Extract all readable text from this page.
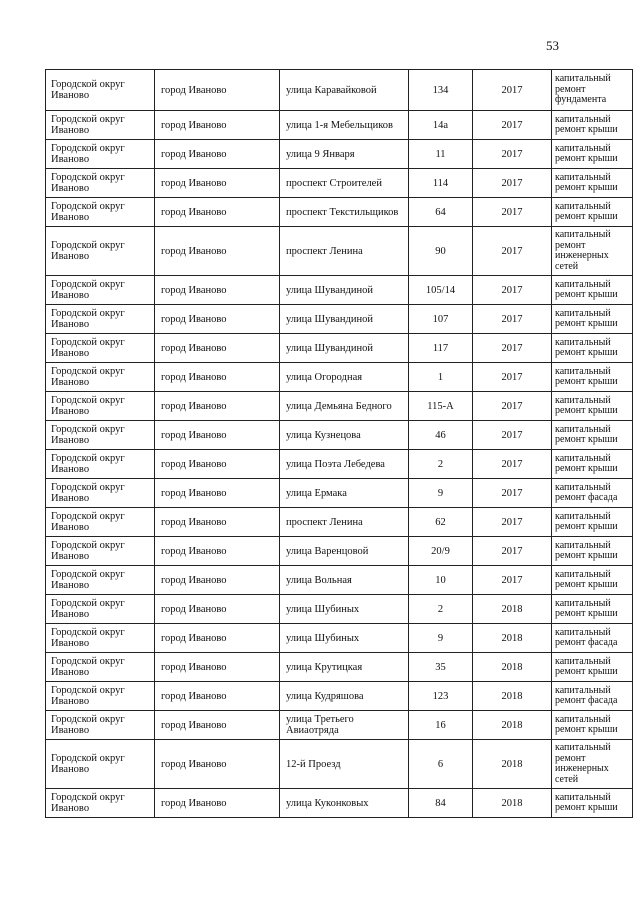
53
Городской округ Иваново	город Иваново	улица Каравайковой	134	2017	капитальный ремонт фундамента
Городской округ Иваново	город Иваново	улица 1-я Мебельщиков	14а	2017	капитальный ремонт крыши
Городской округ Иваново	город Иваново	улица 9 Января	11	2017	капитальный ремонт крыши
Городской округ Иваново	город Иваново	проспект Строителей	114	2017	капитальный ремонт крыши
Городской округ Иваново	город Иваново	проспект Текстильщиков	64	2017	капитальный ремонт крыши
Городской округ Иваново	город Иваново	проспект Ленина	90	2017	капитальный ремонт инженерных сетей
Городской округ Иваново	город Иваново	улица Шувандиной	105/14	2017	капитальный ремонт крыши
Городской округ Иваново	город Иваново	улица Шувандиной	107	2017	капитальный ремонт крыши
Городской округ Иваново	город Иваново	улица Шувандиной	117	2017	капитальный ремонт крыши
Городской округ Иваново	город Иваново	улица Огородная	1	2017	капитальный ремонт крыши
Городской округ Иваново	город Иваново	улица Демьяна Бедного	115-А	2017	капитальный ремонт крыши
Городской округ Иваново	город Иваново	улица Кузнецова	46	2017	капитальный ремонт крыши
Городской округ Иваново	город Иваново	улица Поэта Лебедева	2	2017	капитальный ремонт крыши
Городской округ Иваново	город Иваново	улица Ермака	9	2017	капитальный ремонт фасада
Городской округ Иваново	город Иваново	проспект Ленина	62	2017	капитальный ремонт крыши
Городской округ Иваново	город Иваново	улица Варенцовой	20/9	2017	капитальный ремонт крыши
Городской округ Иваново	город Иваново	улица Вольная	10	2017	капитальный ремонт крыши
Городской округ Иваново	город Иваново	улица Шубиных	2	2018	капитальный ремонт крыши
Городской округ Иваново	город Иваново	улица Шубиных	9	2018	капитальный ремонт фасада
Городской округ Иваново	город Иваново	улица Крутицкая	35	2018	капитальный ремонт крыши
Городской округ Иваново	город Иваново	улица Кудряшова	123	2018	капитальный ремонт фасада
Городской округ Иваново	город Иваново	улица Третьего Авиаотряда	16	2018	капитальный ремонт крыши
Городской округ Иваново	город Иваново	12-й Проезд	6	2018	капитальный ремонт инженерных сетей
Городской округ Иваново	город Иваново	улица Куконковых	84	2018	капитальный ремонт крыши
